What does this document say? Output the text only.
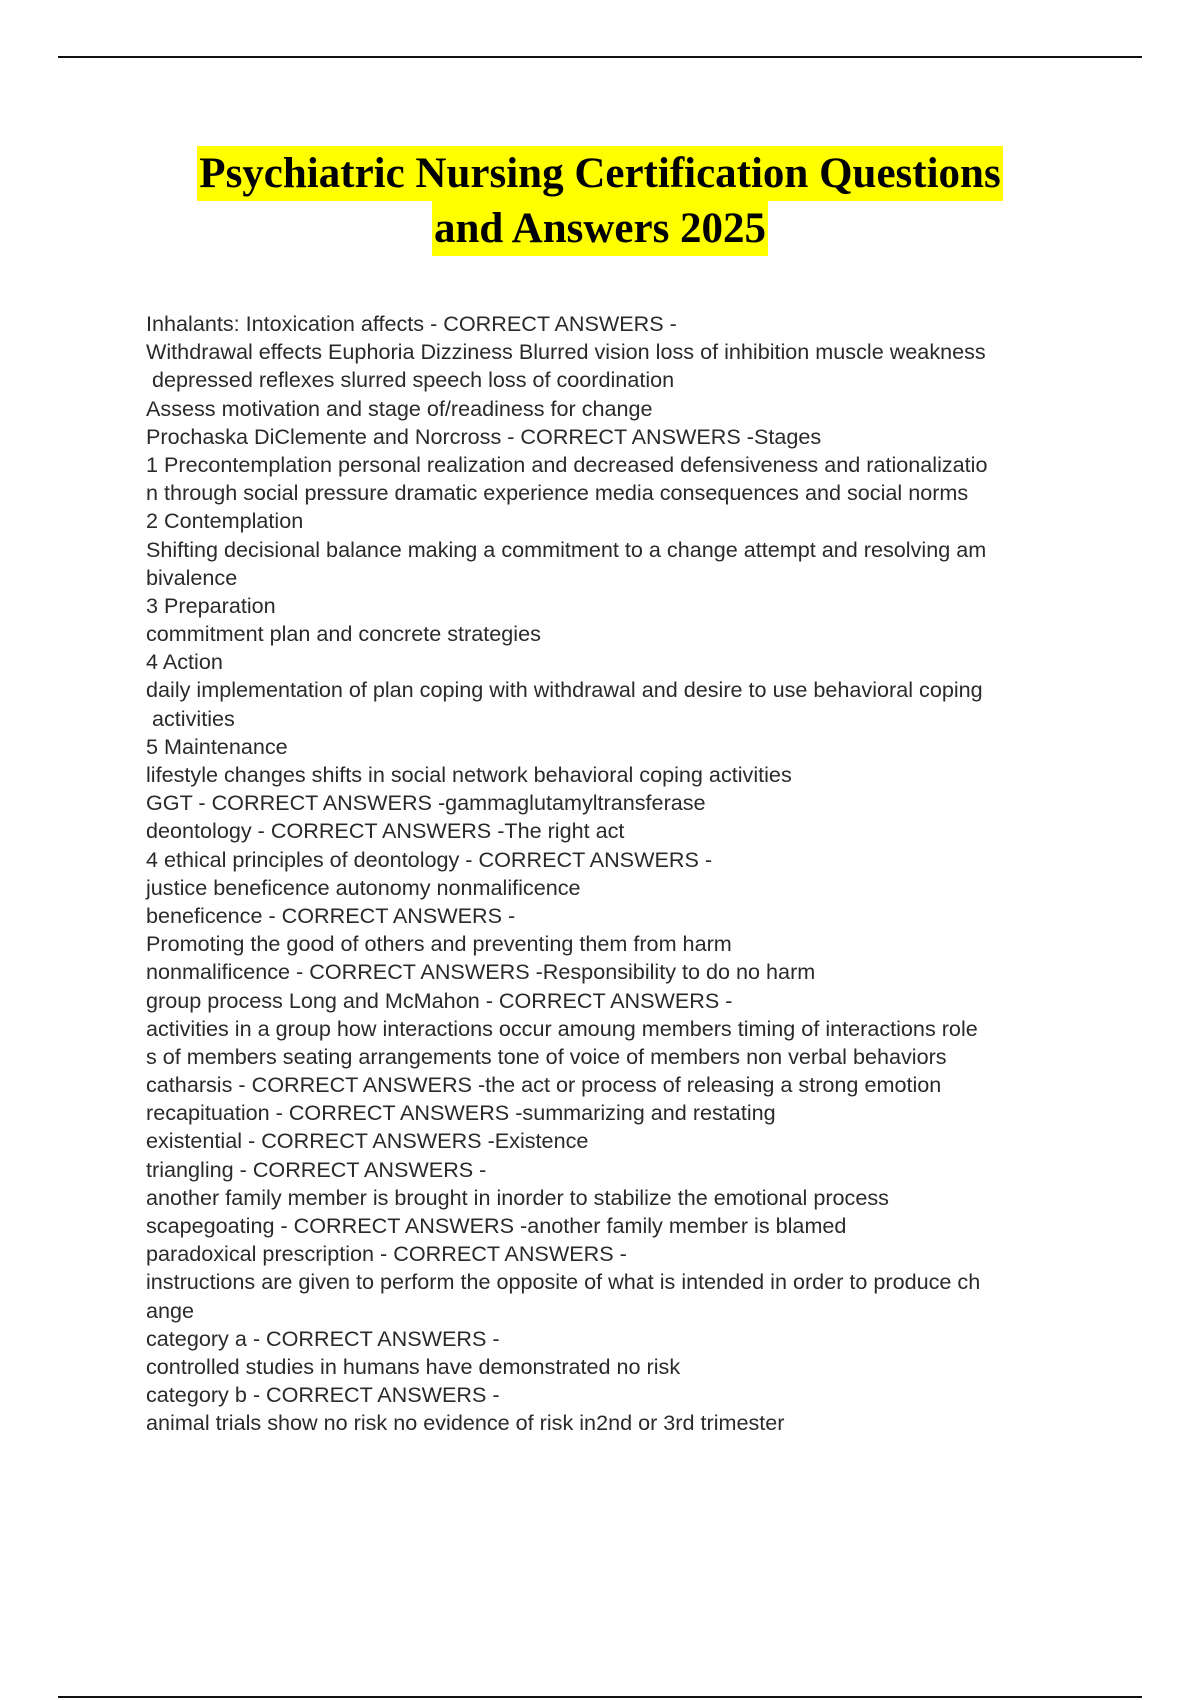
Psychiatric Nursing Certification Questions
and Answers 2025
Inhalants: Intoxication affects - CORRECT ANSWERS -
Withdrawal effects Euphoria Dizziness Blurred vision loss of inhibition muscle weakness
depressed reflexes slurred speech loss of coordination
Assess motivation and stage of/readiness for change
Prochaska DiClemente and Norcross - CORRECT ANSWERS -Stages
1 Precontemplation personal realization and decreased defensiveness and rationalizatio
n through social pressure dramatic experience media consequences and social norms
2 Contemplation
Shifting decisional balance making a commitment to a change attempt and resolving am
bivalence
3 Preparation
commitment plan and concrete strategies
4 Action
daily implementation of plan coping with withdrawal and desire to use behavioral coping
activities
5 Maintenance
lifestyle changes shifts in social network behavioral coping activities
GGT - CORRECT ANSWERS -gammaglutamyltransferase
deontology - CORRECT ANSWERS -The right act
4 ethical principles of deontology - CORRECT ANSWERS -
justice beneficence autonomy nonmalificence
beneficence - CORRECT ANSWERS -
Promoting the good of others and preventing them from harm
nonmalificence - CORRECT ANSWERS -Responsibility to do no harm
group process Long and McMahon - CORRECT ANSWERS -
activities in a group how interactions occur amoung members timing of interactions role
s of members seating arrangements tone of voice of members non verbal behaviors
catharsis - CORRECT ANSWERS -the act or process of releasing a strong emotion
recapituation - CORRECT ANSWERS -summarizing and restating
existential - CORRECT ANSWERS -Existence
triangling - CORRECT ANSWERS -
another family member is brought in inorder to stabilize the emotional process
scapegoating - CORRECT ANSWERS -another family member is blamed
paradoxical prescription - CORRECT ANSWERS -
instructions are given to perform the opposite of what is intended in order to produce ch
ange
category a - CORRECT ANSWERS -
controlled studies in humans have demonstrated no risk
category b - CORRECT ANSWERS -
animal trials show no risk no evidence of risk in2nd or 3rd trimester
